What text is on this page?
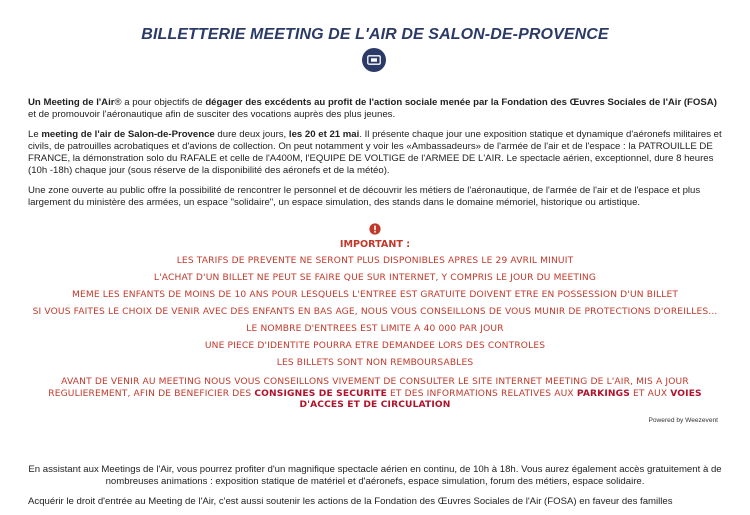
BILLETTERIE MEETING DE L'AIR DE SALON-DE-PROVENCE

Un Meeting de l'Air® a pour objectifs de dégager des excédents au profit de l'action sociale menée par la Fondation des Œuvres Sociales de l'Air (FOSA) et de promouvoir l'aéronautique afin de susciter des vocations auprès des plus jeunes.

Le meeting de l'air de Salon-de-Provence dure deux jours, les 20 et 21 mai. Il présente chaque jour une exposition statique et dynamique d'aéronefs militaires et civils, de patrouilles acrobatiques et d'avions de collection. On peut notamment y voir les «Ambassadeurs» de l'armée de l'air et de l'espace : la PATROUILLE DE FRANCE, la démonstration solo du RAFALE et celle de l'A400M, l'EQUIPE DE VOLTIGE de l'ARMEE DE L'AIR. Le spectacle aérien, exceptionnel, dure 8 heures (10h -18h) chaque jour (sous réserve de la disponibilité des aéronefs et de la météo).

Une zone ouverte au public offre la possibilité de rencontrer le personnel et de découvrir les métiers de l'aéronautique, de l'armée de l'air et de l'espace et plus largement du ministère des armées, un espace "solidaire", un espace simulation, des stands dans le domaine mémoriel, historique ou artistique.

IMPORTANT :
LES TARIFS DE PREVENTE NE SERONT PLUS DISPONIBLES APRES LE 29 AVRIL MINUIT
L'ACHAT D'UN BILLET NE PEUT SE FAIRE QUE SUR INTERNET, Y COMPRIS LE JOUR DU MEETING
MEME LES ENFANTS DE MOINS DE 10 ANS POUR LESQUELS L'ENTREE EST GRATUITE DOIVENT ETRE EN POSSESSION D'UN BILLET
SI VOUS FAITES LE CHOIX DE VENIR AVEC DES ENFANTS EN BAS AGE, NOUS VOUS CONSEILLONS DE VOUS MUNIR DE PROTECTIONS D'OREILLES...
LE NOMBRE D'ENTREES EST LIMITE A 40 000 PAR JOUR
UNE PIECE D'IDENTITE POURRA ETRE DEMANDEE LORS DES CONTROLES
LES BILLETS SONT NON REMBOURSABLES
AVANT DE VENIR AU MEETING NOUS VOUS CONSEILLONS VIVEMENT DE CONSULTER LE SITE INTERNET MEETING DE L'AIR, MIS A JOUR REGULIEREMENT, AFIN DE BENEFICIER DES CONSIGNES DE SECURITE ET DES INFORMATIONS RELATIVES AUX PARKINGS ET AUX VOIES D'ACCES ET DE CIRCULATION
Powered by Weezevent

En assistant aux Meetings de l'Air, vous pourrez profiter d'un magnifique spectacle aérien en continu, de 10h à 18h. Vous aurez également accès gratuitement à de nombreuses animations : exposition statique de matériel et d'aéronefs, espace simulation, forum des métiers, espace solidaire.

Acquérir le droit d'entrée au Meeting de l'Air, c'est aussi soutenir les actions de la Fondation des Œuvres Sociales de l'Air (FOSA) en faveur des familles
